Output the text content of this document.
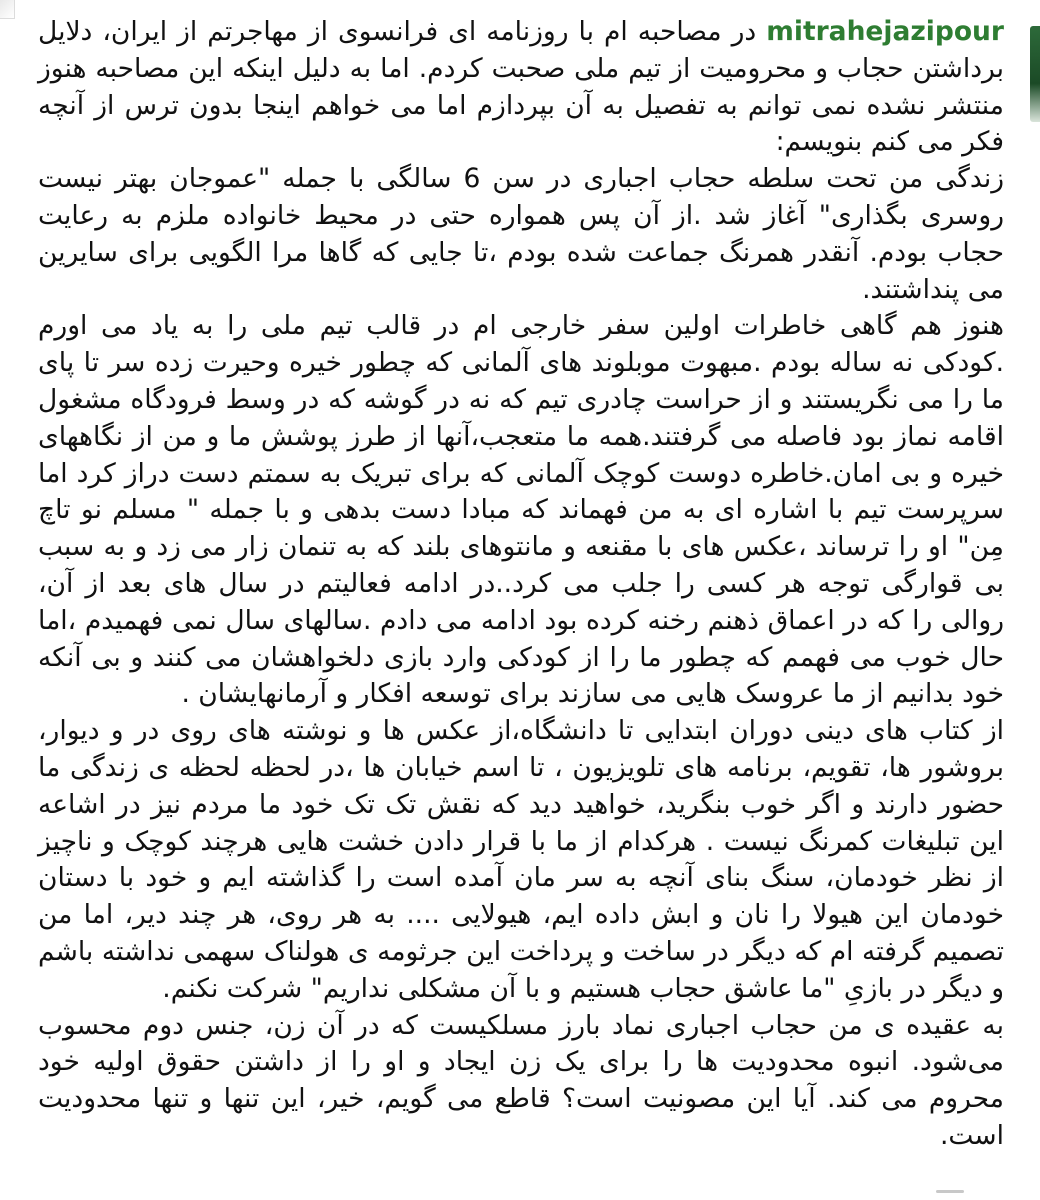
mitrahejazipour در مصاحبه ام با روزنامه ای فرانسوی از مهاجرتم از ایران، دلایل برداشتن حجاب و محرومیت از تیم ملی صحبت کردم. اما به دلیل اینکه این مصاحبه هنوز منتشر نشده نمی توانم به تفصیل به آن بپردازم اما می خواهم اینجا بدون ترس از آنچه فکر می کنم بنویسم:

زندگی من تحت سلطه حجاب اجباری در سن 6 سالگی با جمله "عموجان بهتر نیست روسری بگذاری" آغاز شد .از آن پس همواره حتی در محیط خانواده ملزم به رعایت حجاب بودم. آنقدر همرنگ جماعت شده بودم ،تا جایی که گاها مرا الگویی برای سایرین می پنداشتند.

هنوز هم گاهی خاطرات اولین سفر خارجی ام در قالب تیم ملی را به یاد می اورم .کودکی نه ساله بودم .مبهوت موبلوند های آلمانی که چطور خیره وحیرت زده سر تا پای ما را می نگریستند و از حراست چادری تیم که نه در گوشه که در وسط فرودگاه مشغول اقامه نماز بود فاصله می گرفتند.همه ما متعجب،آنها از طرز پوشش ما و من از نگاههای خیره و بی امان.خاطره دوست کوچک آلمانی که برای تبریک به سمتم دست دراز کرد اما سرپرست تیم با اشاره ای به من فهماند که مبادا دست بدهی و با جمله " مسلم نو تاچ مِن" او را ترساند ،عکس های با مقنعه و مانتوهای بلند که به تنمان زار می زد و به سبب بی قوارگی توجه هر کسی را جلب می کرد..در ادامه فعالیتم در سال های بعد از آن، روالی را که در اعماق ذهنم رخنه کرده بود ادامه می دادم .سالهای سال نمی فهمیدم ،اما حال خوب می فهمم که چطور ما را از کودکی وارد بازی دلخواهشان می کنند و بی آنکه خود بدانیم از ما عروسک هایی می سازند برای توسعه افکار و آرمانهایشان .

از کتاب های دینی دوران ابتدایی تا دانشگاه،از عکس ها و نوشته های روی در و دیوار، بروشور ها، تقویم، برنامه های تلویزیون ، تا اسم خیابان ها ،در لحظه لحظه ی زندگی ما حضور دارند و اگر خوب بنگرید، خواهید دید که نقش تک تک خود ما مردم نیز در اشاعه این تبلیغات کمرنگ نیست . هرکدام از ما با قرار دادن خشت هایی هرچند کوچک و ناچیز از نظر خودمان، سنگ بنای آنچه به سر مان آمده است را گذاشته ایم و خود با دستان خودمان این هیولا را نان و ابش داده ایم، هیولایی .... به هر روی، هر چند دیر، اما من تصمیم گرفته ام که دیگر در ساخت و پرداخت این جرثومه ی هولناک سهمی نداشته باشم و دیگر در بازیِ "ما عاشق حجاب هستیم و با آن مشکلی نداریم" شرکت نکنم.

به عقیده ی من حجاب اجباری نماد بارز مسلکیست که در آن زن، جنس دوم محسوب می‌شود. انبوه محدودیت ها را برای یک زن ایجاد و او را از داشتن حقوق اولیه خود محروم می کند. آیا این مصونیت است؟ قاطع می گویم، خیر، این تنها و تنها محدودیت است.
